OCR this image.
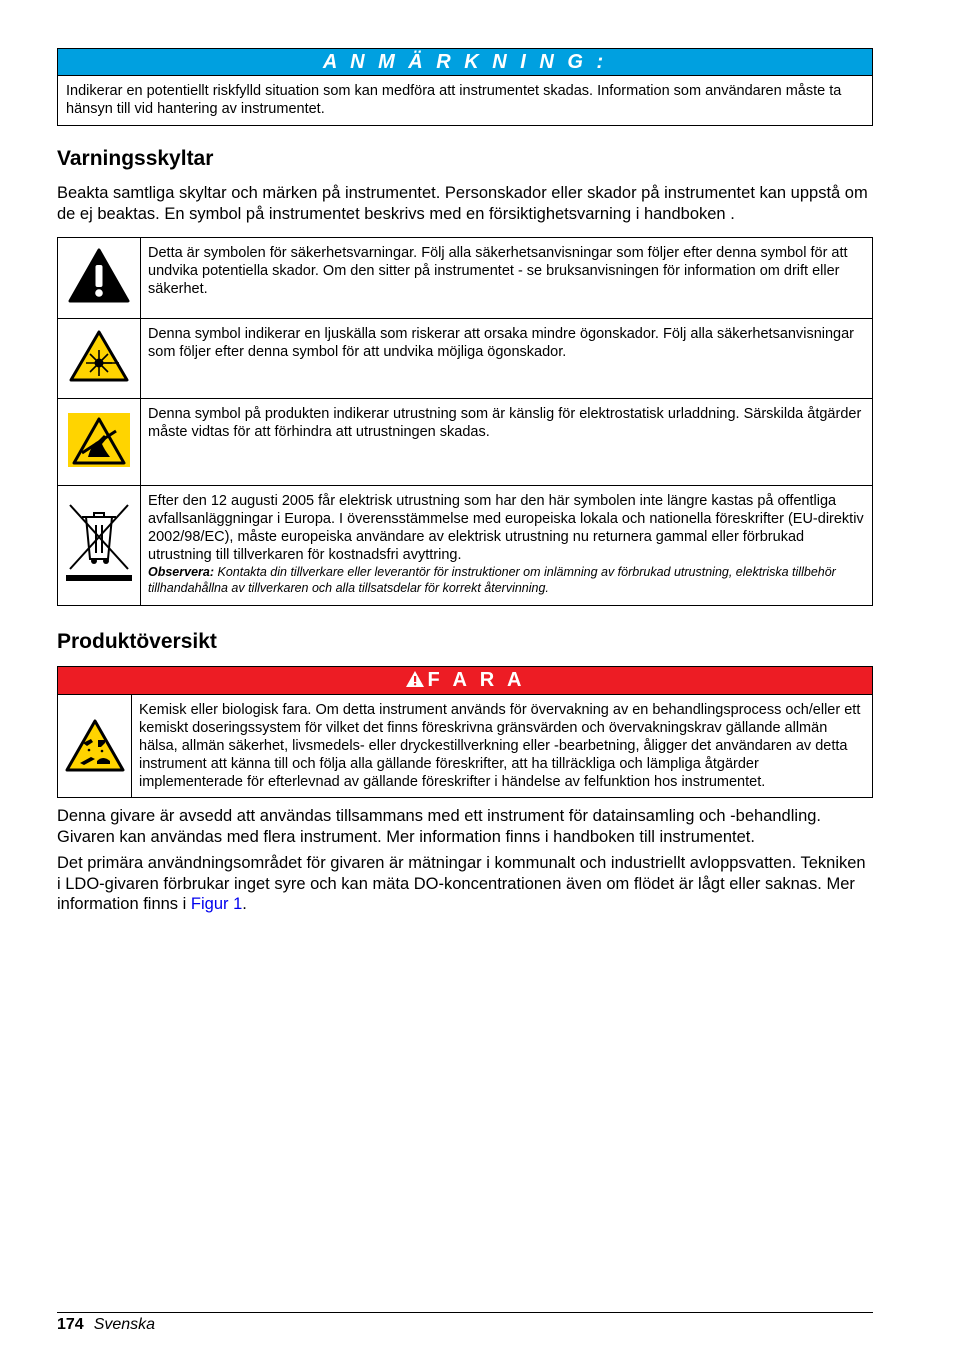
A N M Ä R K N I N G :
Indikerar en potentiellt riskfylld situation som kan medföra att instrumentet skadas. Information som användaren måste ta hänsyn till vid hantering av instrumentet.
Varningsskyltar

Beakta samtliga skyltar och märken på instrumentet. Personskador eller skador på instrumentet kan uppstå om de ej beaktas. En symbol på instrumentet beskrivs med en försiktighetsvarning i handboken .

	Detta är symbolen för säkerhetsvarningar. Följ alla säkerhetsanvisningar som följer efter denna symbol för att undvika potentiella skador. Om den sitter på instrumentet - se bruksanvisningen för information om drift eller säkerhet.
	Denna symbol indikerar en ljuskälla som riskerar att orsaka mindre ögonskador. Följ alla säkerhetsanvisningar som följer efter denna symbol för att undvika möjliga ögonskador.
	Denna symbol på produkten indikerar utrustning som är känslig för elektrostatisk urladdning. Särskilda åtgärder måste vidtas för att förhindra att utrustningen skadas.

Efter den 12 augusti 2005 får elektrisk utrustning som har den här symbolen inte längre kastas på offentliga avfallsanläggningar i Europa. I överensstämmelse med europeiska lokala och nationella föreskrifter (EU-direktiv 2002/98/EC), måste europeiska användare av elektrisk utrustning nu returnera gammal eller förbrukad utrustning till tillverkaren för kostnadsfri avyttring.
Observera: Kontakta din tillverkare eller leverantör för instruktioner om inlämning av förbrukad utrustning, elektriska tillbehör tillhandahållna av tillverkaren och alla tillsatsdelar för korrekt återvinning.
Produktöversikt
F A R A
Kemisk eller biologisk fara. Om detta instrument används för övervakning av en behandlingsprocess och/eller ett kemiskt doseringssystem för vilket det finns föreskrivna gränsvärden och övervakningskrav gällande allmän hälsa, allmän säkerhet, livsmedels- eller dryckestillverkning eller -bearbetning, åligger det användaren av detta instrument att känna till och följa alla gällande föreskrifter, att ha tillräckliga och lämpliga åtgärder implementerade för efterlevnad av gällande föreskrifter i händelse av felfunktion hos instrumentet.

Denna givare är avsedd att användas tillsammans med ett instrument för datainsamling och -behandling. Givaren kan användas med flera instrument. Mer information finns i handboken till instrumentet.

Det primära användningsområdet för givaren är mätningar i kommunalt och industriellt avloppsvatten. Tekniken i LDO-givaren förbrukar inget syre och kan mäta DO-koncentrationen även om flödet är lågt eller saknas. Mer information finns i Figur 1.

174 Svenska
